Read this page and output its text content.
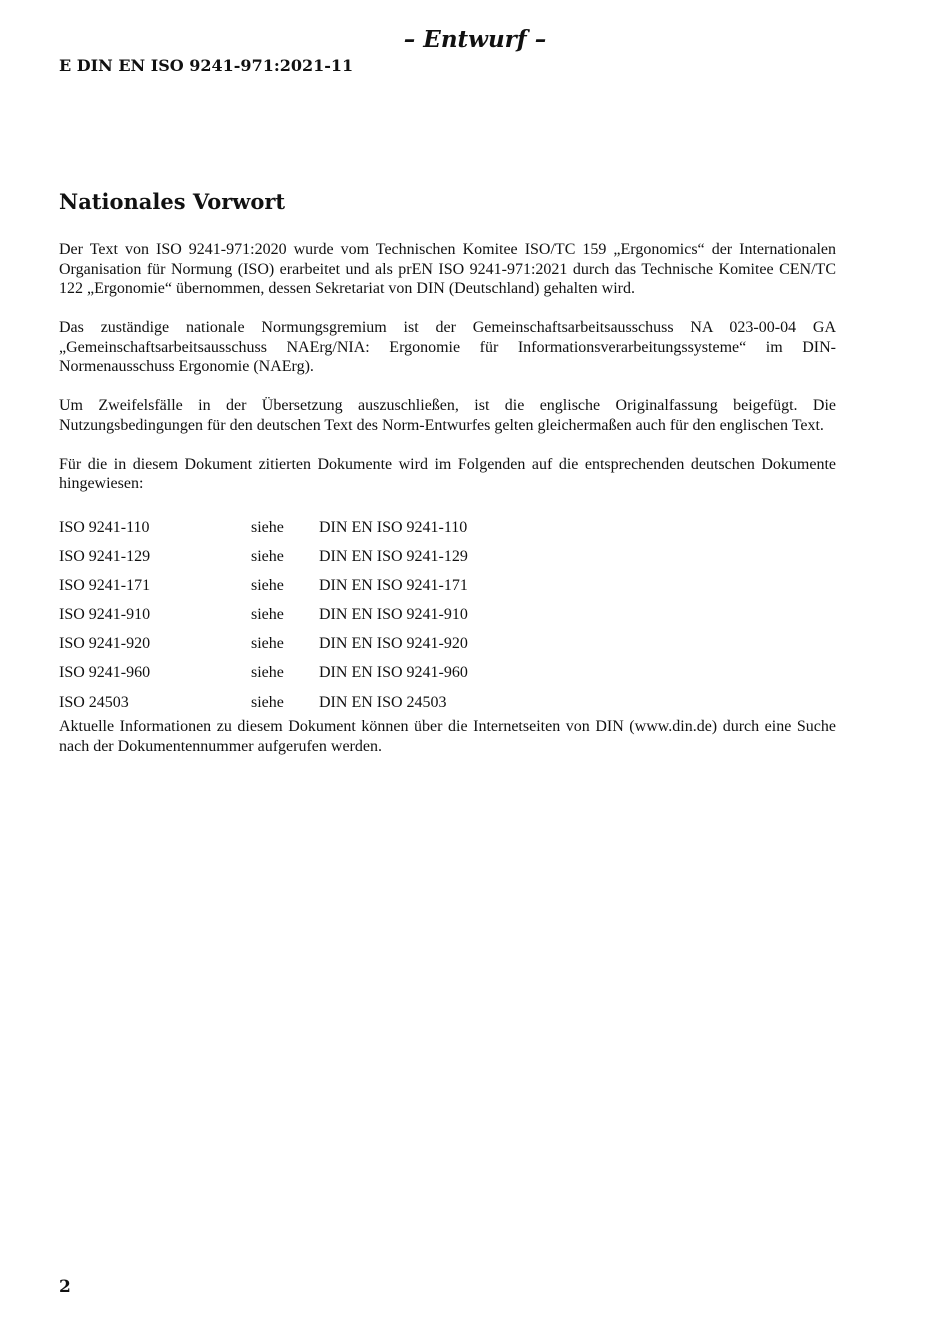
– Entwurf –
E DIN EN ISO 9241-971:2021-11
Nationales Vorwort

Der Text von ISO 9241-971:2020 wurde vom Technischen Komitee ISO/TC 159 „Ergonomics“ der Internationalen Organisation für Normung (ISO) erarbeitet und als prEN ISO 9241-971:2021 durch das Technische Komitee CEN/TC 122 „Ergonomie“ übernommen, dessen Sekretariat von DIN (Deutschland) gehalten wird.

Das zuständige nationale Normungsgremium ist der Gemeinschaftsarbeitsausschuss NA 023-00-04 GA „Gemeinschaftsarbeitsausschuss NAErg/NIA: Ergonomie für Informationsverarbeitungssysteme“ im DIN-Normenausschuss Ergonomie (NAErg).

Um Zweifelsfälle in der Übersetzung auszuschließen, ist die englische Originalfassung beigefügt. Die Nutzungsbedingungen für den deutschen Text des Norm-Entwurfes gelten gleichermaßen auch für den englischen Text.

Für die in diesem Dokument zitierten Dokumente wird im Folgenden auf die entsprechenden deutschen Dokumente hingewiesen:

ISO 9241-110	siehe	DIN EN ISO 9241-110
ISO 9241-129	siehe	DIN EN ISO 9241-129
ISO 9241-171	siehe	DIN EN ISO 9241-171
ISO 9241-910	siehe	DIN EN ISO 9241-910
ISO 9241-920	siehe	DIN EN ISO 9241-920
ISO 9241-960	siehe	DIN EN ISO 9241-960
ISO 24503	siehe	DIN EN ISO 24503

Aktuelle Informationen zu diesem Dokument können über die Internetseiten von DIN (www.din.de) durch eine Suche nach der Dokumentennummer aufgerufen werden.

2
